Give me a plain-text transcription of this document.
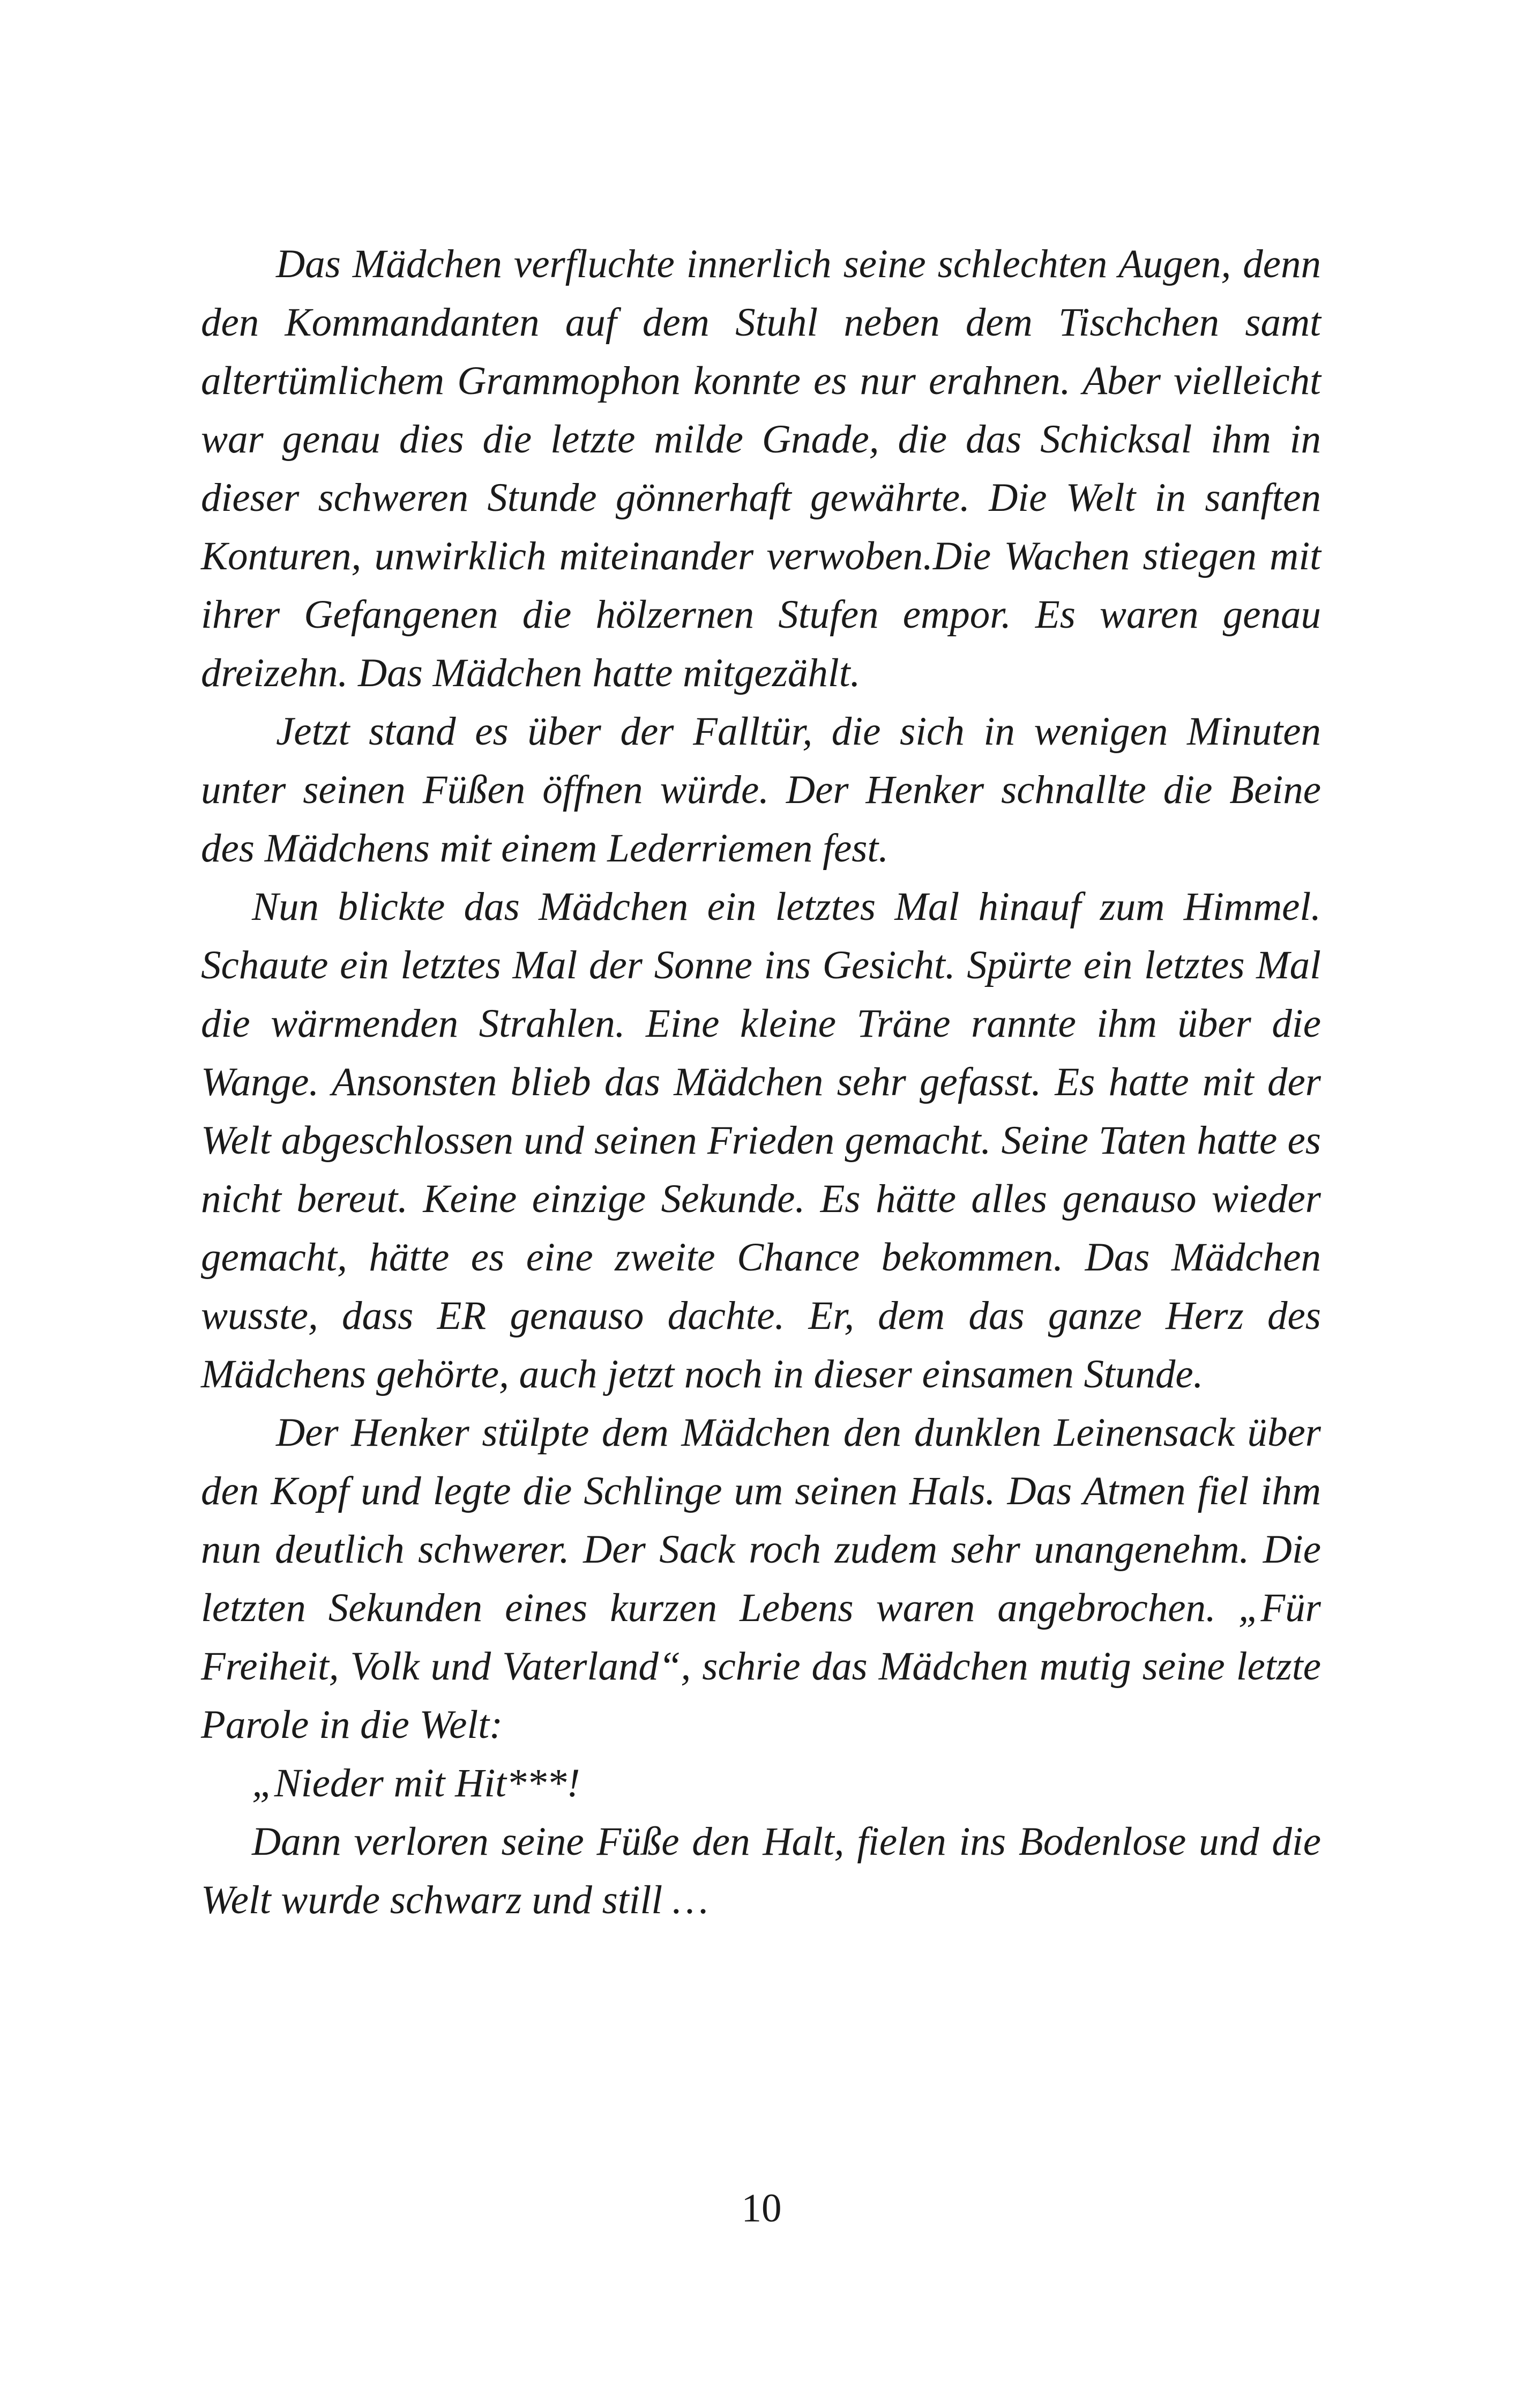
Das Mädchen verfluchte innerlich seine schlechten Augen, denn den Kommandanten auf dem Stuhl neben dem Tischchen samt altertümlichem Grammophon konnte es nur erahnen. Aber vielleicht war genau dies die letzte milde Gnade, die das Schicksal ihm in dieser schweren Stunde gönnerhaft gewährte. Die Welt in sanften Konturen, unwirklich miteinander verwoben.Die Wachen stiegen mit ihrer Gefangenen die hölzernen Stufen empor. Es waren genau dreizehn. Das Mädchen hatte mitgezählt.

Jetzt stand es über der Falltür, die sich in wenigen Minuten unter seinen Füßen öffnen würde. Der Henker schnallte die Beine des Mädchens mit einem Lederriemen fest.

Nun blickte das Mädchen ein letztes Mal hinauf zum Himmel. Schaute ein letztes Mal der Sonne ins Gesicht. Spürte ein letztes Mal die wärmenden Strahlen. Eine kleine Träne rannte ihm über die Wange. Ansonsten blieb das Mädchen sehr gefasst. Es hatte mit der Welt abgeschlossen und seinen Frieden gemacht. Seine Taten hatte es nicht bereut. Keine einzige Sekunde. Es hätte alles genauso wieder gemacht, hätte es eine zweite Chance bekommen. Das Mädchen wusste, dass ER genauso dachte. Er, dem das ganze Herz des Mädchens gehörte, auch jetzt noch in dieser einsamen Stunde.

Der Henker stülpte dem Mädchen den dunklen Leinensack über den Kopf und legte die Schlinge um seinen Hals. Das Atmen fiel ihm nun deutlich schwerer. Der Sack roch zudem sehr unangenehm. Die letzten Sekunden eines kurzen Lebens waren angebrochen. „Für Freiheit, Volk und Vaterland“, schrie das Mädchen mutig seine letzte Parole in die Welt:

„Nieder mit Hit***!

Dann verloren seine Füße den Halt, fielen ins Bodenlose und die Welt wurde schwarz und still …

10
